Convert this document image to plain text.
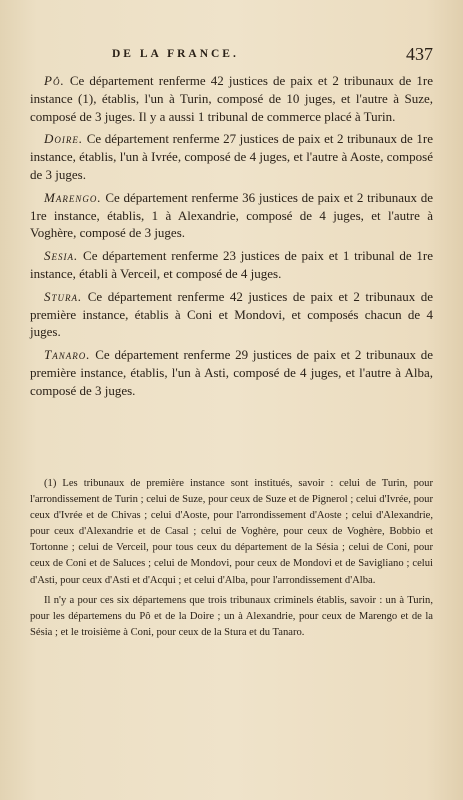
DE LA FRANCE.	437

Pô. Ce département renferme 42 justices de paix et 2 tribunaux de 1re instance (1), établis, l'un à Turin, composé de 10 juges, et l'autre à Suze, composé de 3 juges. Il y a aussi 1 tribunal de commerce placé à Turin.

Doire. Ce département renferme 27 justices de paix et 2 tribunaux de 1re instance, établis, l'un à Ivrée, composé de 4 juges, et l'autre à Aoste, composé de 3 juges.

Marengo. Ce département renferme 36 justices de paix et 2 tribunaux de 1re instance, établis, 1 à Alexandrie, composé de 4 juges, et l'autre à Voghère, composé de 3 juges.

Sesia. Ce département renferme 23 justices de paix et 1 tribunal de 1re instance, établi à Verceil, et composé de 4 juges.

Stura. Ce département renferme 42 justices de paix et 2 tribunaux de première instance, établis à Coni et Mondovi, et composés chacun de 4 juges.

Tanaro. Ce département renferme 29 justices de paix et 2 tribunaux de première instance, établis, l'un à Asti, composé de 4 juges, et l'autre à Alba, composé de 3 juges.

(1) Les tribunaux de première instance sont institués, savoir : celui de Turin, pour l'arrondissement de Turin ; celui de Suze, pour ceux de Suze et de Pignerol ; celui d'Ivrée, pour ceux d'Ivrée et de Chivas ; celui d'Aoste, pour l'arrondissement d'Aoste ; celui d'Alexandrie, pour ceux d'Alexandrie et de Casal ; celui de Voghère, pour ceux de Voghère, Bobbio et Tortonne ; celui de Verceil, pour tous ceux du département de la Sésia ; celui de Coni, pour ceux de Coni et de Saluces ; celui de Mondovi, pour ceux de Mondovi et de Savigliano ; celui d'Asti, pour ceux d'Asti et d'Acqui ; et celui d'Alba, pour l'arrondissement d'Alba.

Il n'y a pour ces six départemens que trois tribunaux criminels établis, savoir : un à Turin, pour les départemens du Pô et de la Doire ; un à Alexandrie, pour ceux de Marengo et de la Sésia ; et le troisième à Coni, pour ceux de la Stura et du Tanaro.
